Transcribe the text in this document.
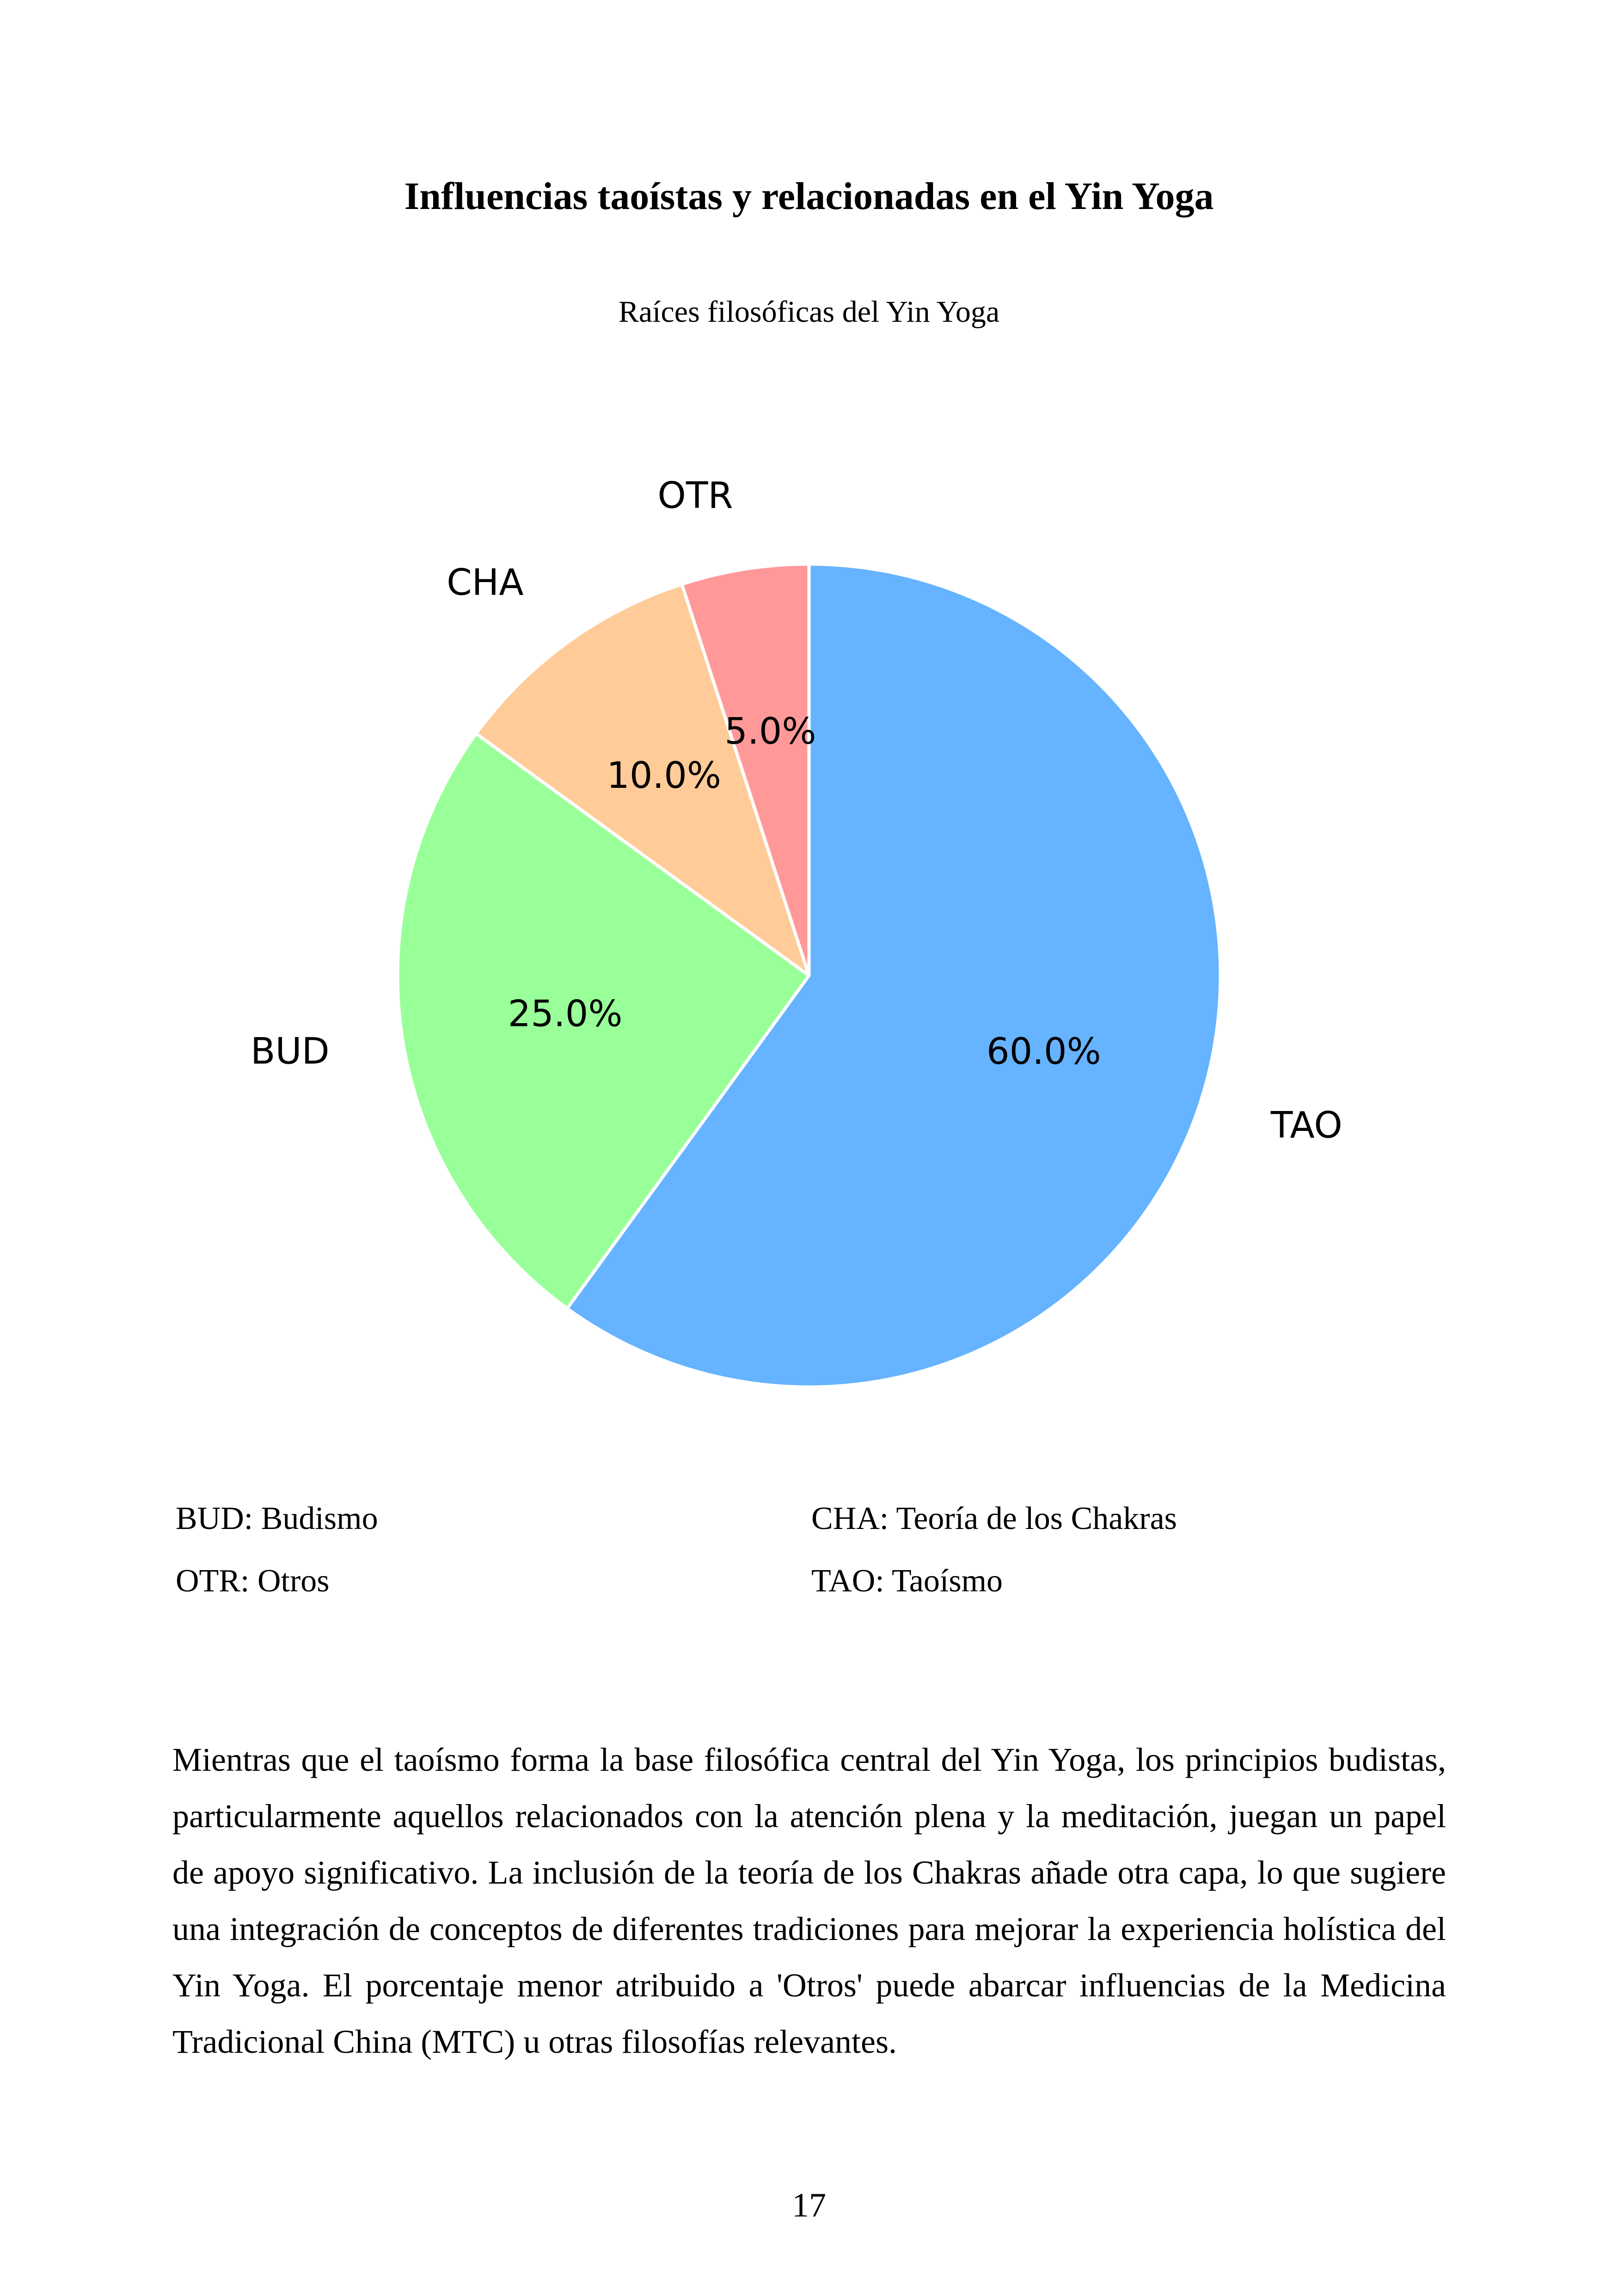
Influencias taoístas y relacionadas en el Yin Yoga
Raíces filosóficas del Yin Yoga
60.0%
TAO
25.0%
BUD
10.0%
CHA
5.0%
OTR
BUD: Budismo	CHA: Teoría de los Chakras
OTR: Otros	TAO: Taoísmo
Mientras que el taoísmo forma la base filosófica central del Yin Yoga, los principios budistas, particularmente aquellos relacionados con la atención plena y la meditación, juegan un papel de apoyo significativo. La inclusión de la teoría de los Chakras añade otra capa, lo que sugiere una integración de conceptos de diferentes tradiciones para mejorar la experiencia holística del Yin Yoga. El porcentaje menor atribuido a 'Otros' puede abarcar influencias de la Medicina Tradicional China (MTC) u otras filosofías relevantes.
17
